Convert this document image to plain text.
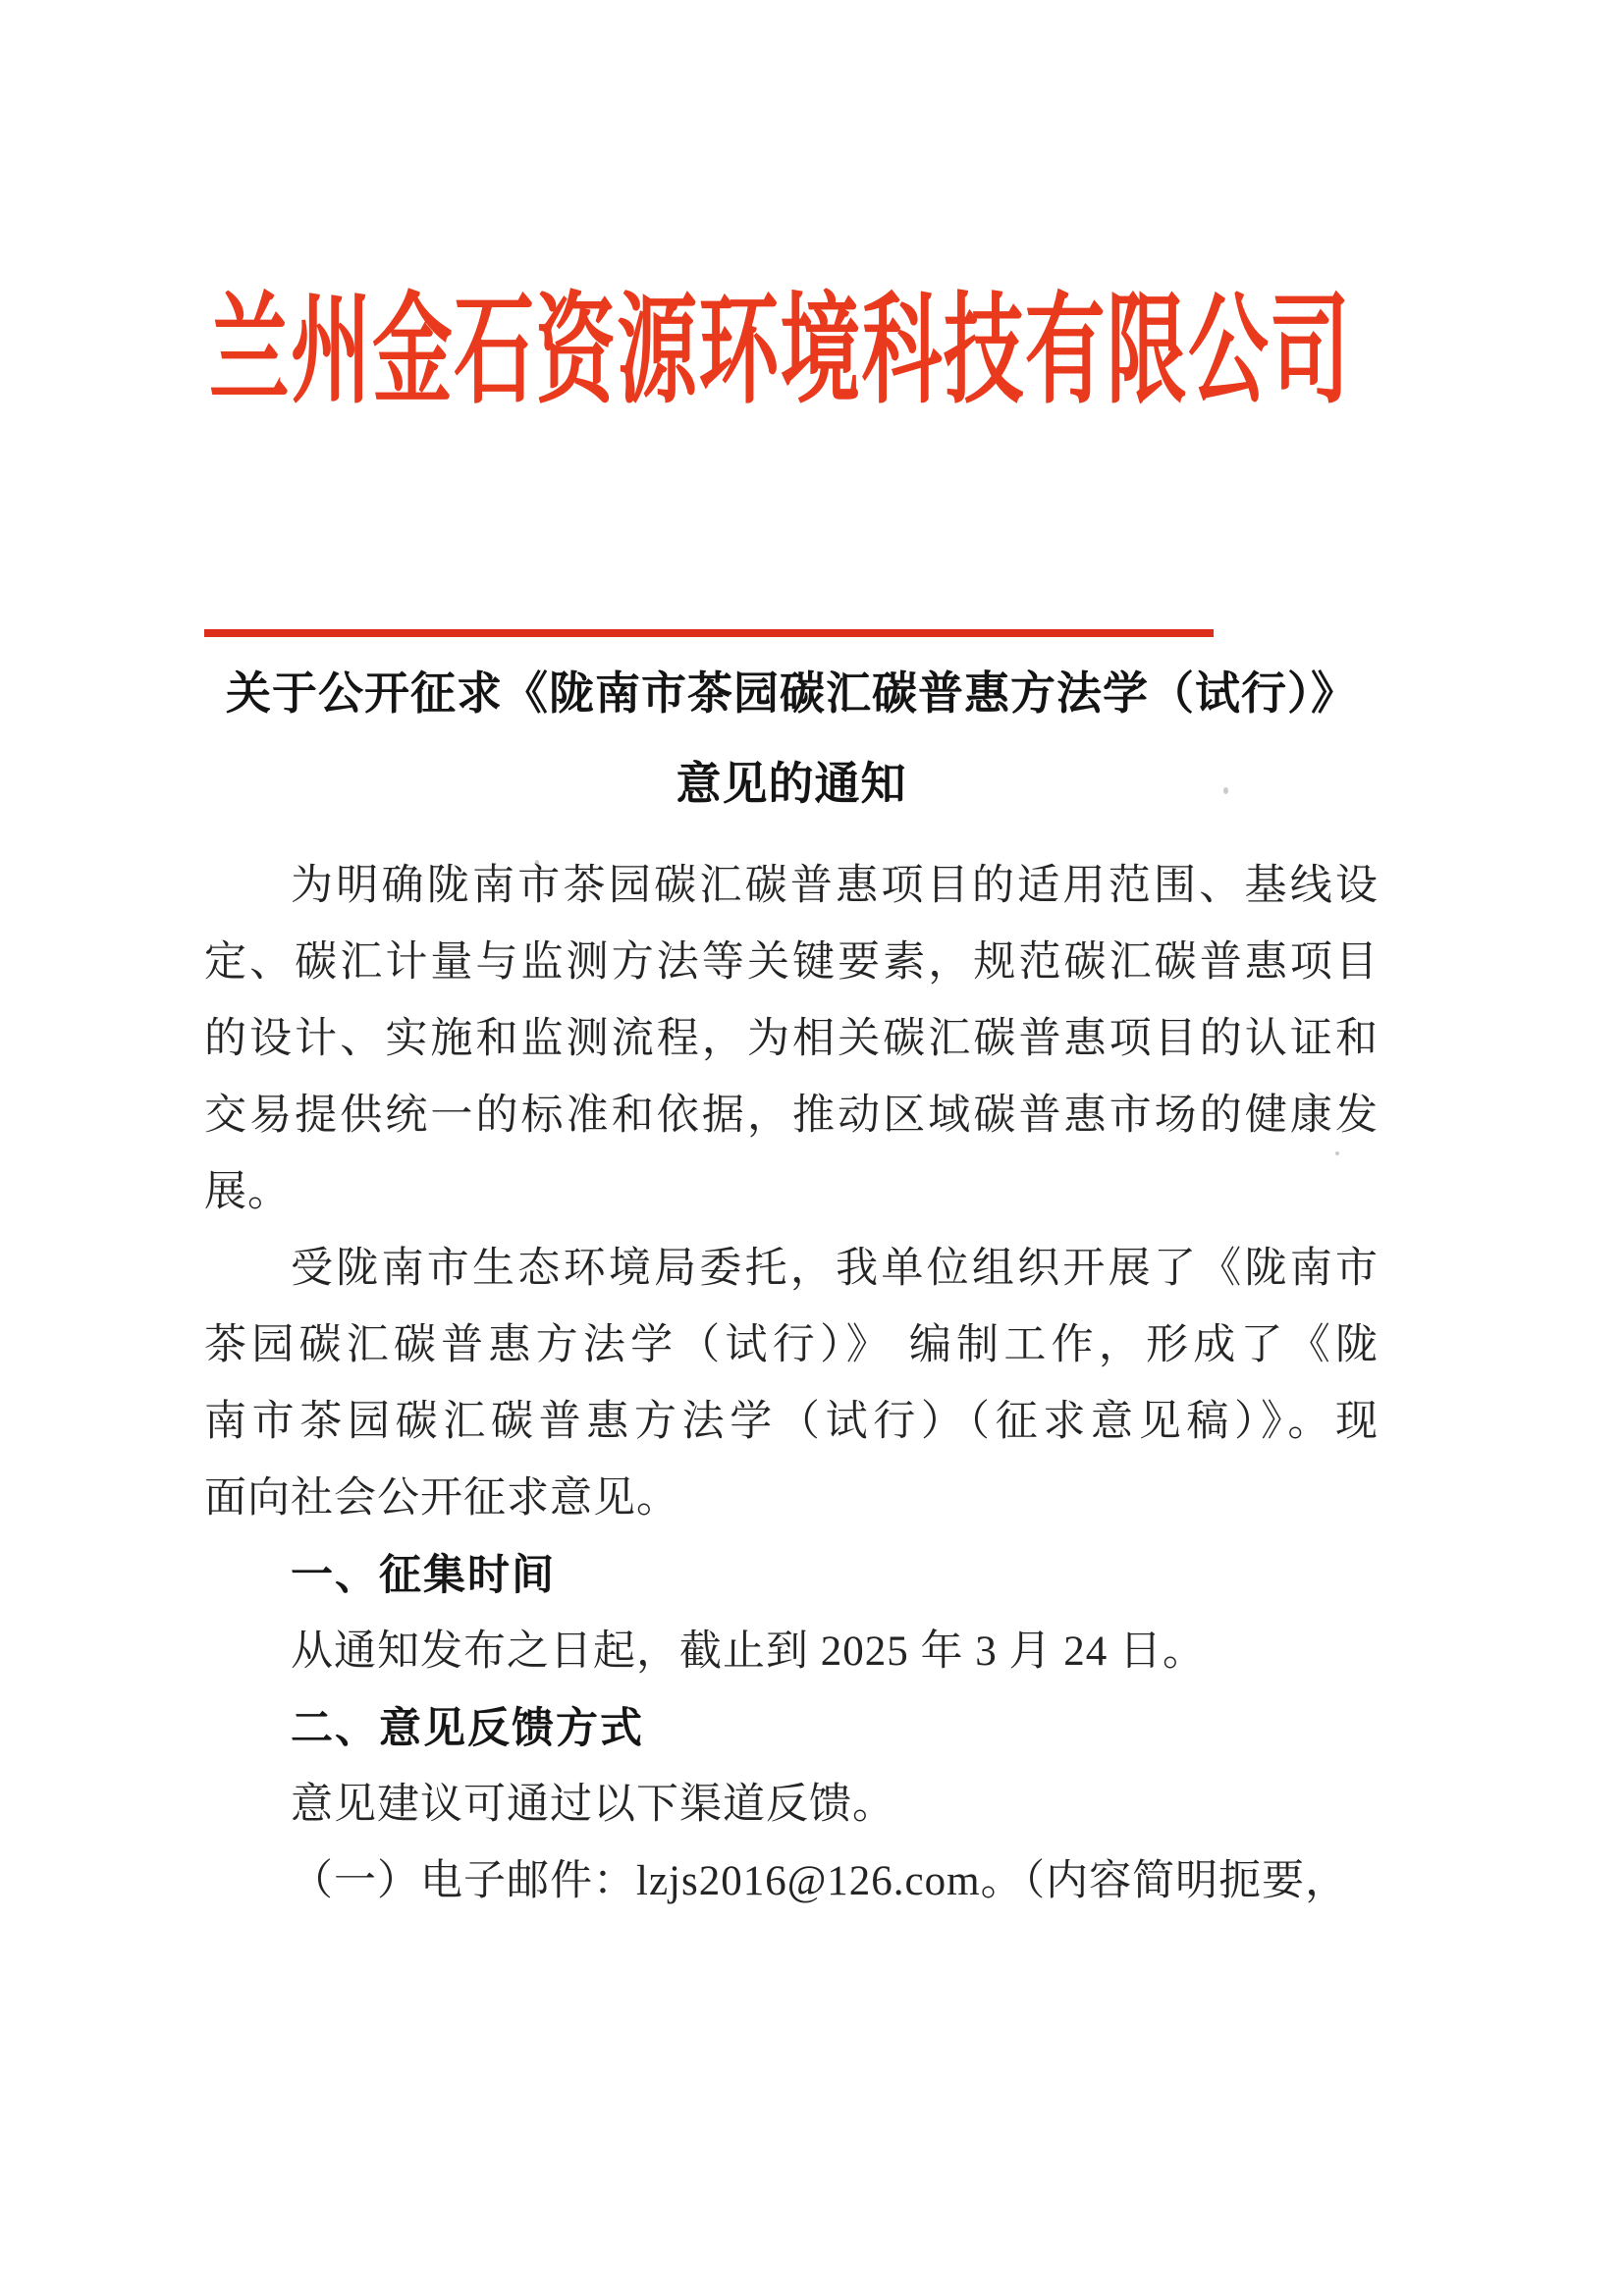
兰州金石资源环境科技有限公司
关于公开征求《陇南市茶园碳汇碳普惠方法学（试行）》
意见的通知
为明确陇南市茶园碳汇碳普惠项目的适用范围、基线设
定、碳汇计量与监测方法等关键要素，规范碳汇碳普惠项目
的设计、实施和监测流程，为相关碳汇碳普惠项目的认证和
交易提供统一的标准和依据，推动区域碳普惠市场的健康发
展。
受陇南市生态环境局委托，我单位组织开展了《陇南市
茶园碳汇碳普惠方法学（试行）》 编制工作，形成了《陇
南市茶园碳汇碳普惠方法学（试行）（征求意见稿）》。现
面向社会公开征求意见。
一、征集时间
从通知发布之日起，截止到 2025 年 3 月 24 日。
二、意见反馈方式
意见建议可通过以下渠道反馈。
（一）电子邮件：lzjs2016@126.com。（内容简明扼要，
